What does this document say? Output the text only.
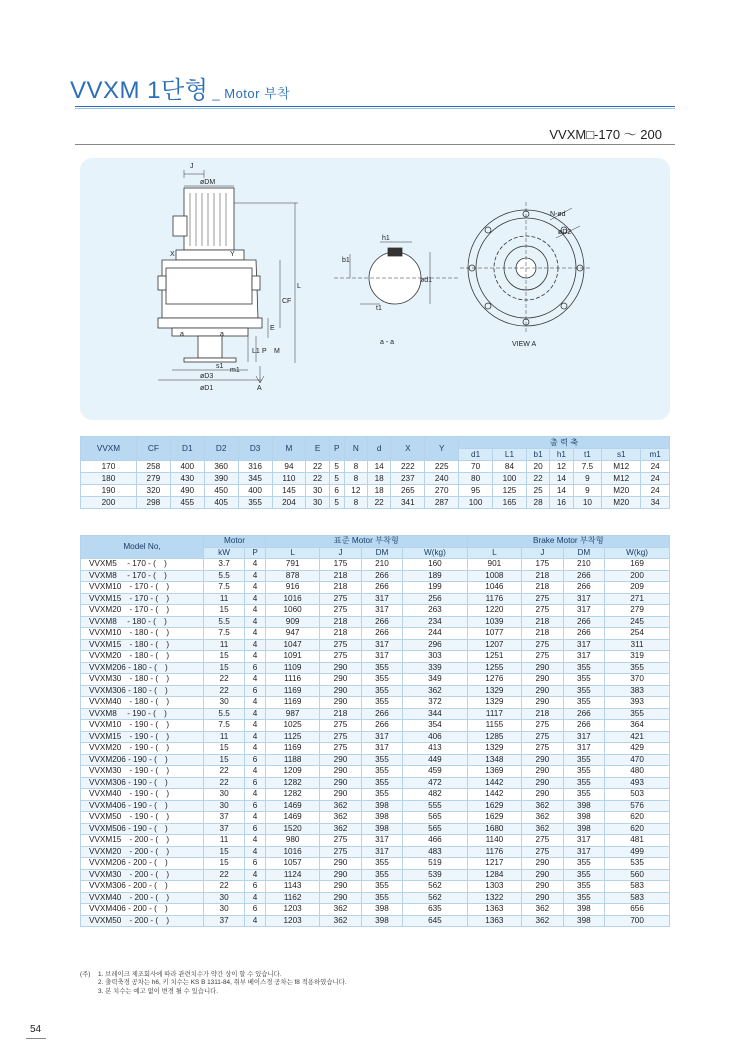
VVXM 1단형 _ Motor 부착
VVXM□-170 ～ 200
J
øDM
X	Y
a	a
L
CF
E
L1 P M
s1
m1
øD3
øD1	A
h1
b1
ød1
t1
a - a
N-ød
øD2
VIEW A
VVXM	CF	D1	D2	D3	M	E	P	N	d	X	Y	출 력 축						
												d1	L1	b1	h1	t1	s1	m1
170	258	400	360	316	94	22	5	8	14	222	225	70	84	20	12	7.5	M12	24
180	279	430	390	345	110	22	5	8	18	237	240	80	100	22	14	9	M12	24
190	320	490	450	400	145	30	6	12	18	265	270	95	125	25	14	9	M20	24
200	298	455	405	355	204	30	5	8	22	341	287	100	165	28	16	10	M20	34
Model No,	Motor		표준 Motor 부착형				Brake Motor 부착형			
	kW	P	L	J	DM	W(kg)	L	J	DM	W(kg)
VVXM5　 - 170 - (　)	3.7	4	791	175	210	160	901	175	210	169
VVXM8　 - 170 - (　)	5.5	4	878	218	266	189	1008	218	266	200
VVXM10　- 170 - (　)	7.5	4	916	218	266	199	1046	218	266	209
VVXM15　- 170 - (　)	11	4	1016	275	317	256	1176	275	317	271
VVXM20　- 170 - (　)	15	4	1060	275	317	263	1220	275	317	279
VVXM8　 - 180 - (　)	5.5	4	909	218	266	234	1039	218	266	245
VVXM10　- 180 - (　)	7.5	4	947	218	266	244	1077	218	266	254
VVXM15　- 180 - (　)	11	4	1047	275	317	296	1207	275	317	311
VVXM20　- 180 - (　)	15	4	1091	275	317	303	1251	275	317	319
VVXM206 - 180 - (　)	15	6	1109	290	355	339	1255	290	355	355
VVXM30　- 180 - (　)	22	4	1116	290	355	349	1276	290	355	370
VVXM306 - 180 - (　)	22	6	1169	290	355	362	1329	290	355	383
VVXM40　- 180 - (　)	30	4	1169	290	355	372	1329	290	355	393
VVXM8　 - 190 - (　)	5.5	4	987	218	266	344	1117	218	266	355
VVXM10　- 190 - (　)	7.5	4	1025	275	266	354	1155	275	266	364
VVXM15　- 190 - (　)	11	4	1125	275	317	406	1285	275	317	421
VVXM20　- 190 - (　)	15	4	1169	275	317	413	1329	275	317	429
VVXM206 - 190 - (　)	15	6	1188	290	355	449	1348	290	355	470
VVXM30　- 190 - (　)	22	4	1209	290	355	459	1369	290	355	480
VVXM306 - 190 - (　)	22	6	1282	290	355	472	1442	290	355	493
VVXM40　- 190 - (　)	30	4	1282	290	355	482	1442	290	355	503
VVXM406 - 190 - (　)	30	6	1469	362	398	555	1629	362	398	576
VVXM50　- 190 - (　)	37	4	1469	362	398	565	1629	362	398	620
VVXM506 - 190 - (　)	37	6	1520	362	398	565	1680	362	398	620
VVXM15　- 200 - (　)	11	4	980	275	317	466	1140	275	317	481
VVXM20　- 200 - (　)	15	4	1016	275	317	483	1176	275	317	499
VVXM206 - 200 - (　)	15	6	1057	290	355	519	1217	290	355	535
VVXM30　- 200 - (　)	22	4	1124	290	355	539	1284	290	355	560
VVXM306 - 200 - (　)	22	6	1143	290	355	562	1303	290	355	583
VVXM40　- 200 - (　)	30	4	1162	290	355	562	1322	290	355	583
VVXM406 - 200 - (　)	30	6	1203	362	398	635	1363	362	398	656
VVXM50　- 200 - (　)	37	4	1203	362	398	645	1363	362	398	700
(주) 1. 브레이크 제조회사에 따라 관련치수가 약간 상이 할 수 있습니다.
2. 출력축경 공차는 h6, 키 치수는 KS B 1311-84, 취부 베이스경 공차는 f8 적용하였습니다.
3. 본 치수는 예고 없이 변경 될 수 있습니다.
54
